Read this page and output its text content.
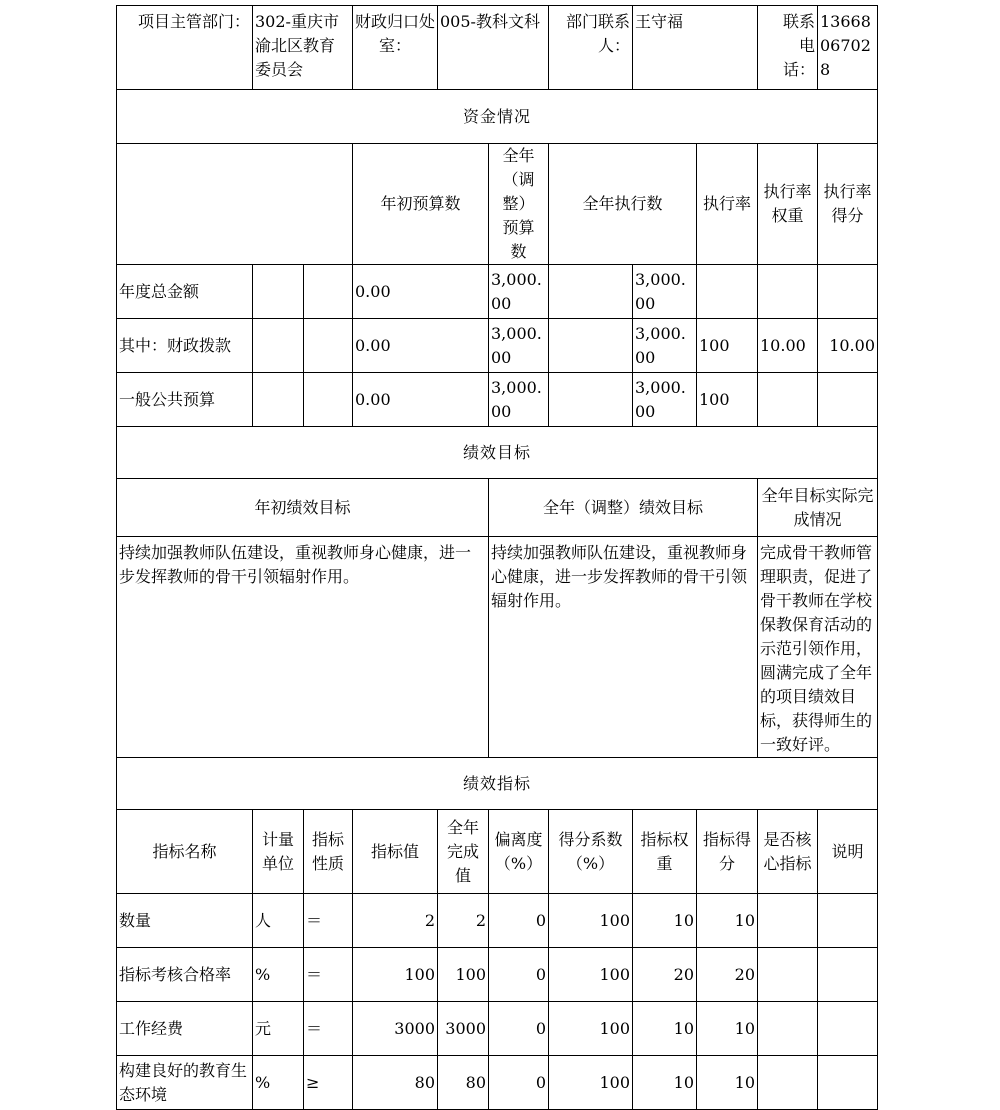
项目主管部门：	302-重庆市渝北区教育委员会		财政归口处室：	005-教科文科		部门联系人：	王守福		联系
电
话：	13668067028
资金情况										
			年初预算数		全年（调整）预算数	全年执行数		执行率	执行率权重	执行率得分
年度总金额			0.00		3,000.00		3,000.00			
其中：财政拨款			0.00		3,000.00		3,000.00	100	10.00	10.00
一般公共预算			0.00		3,000.00		3,000.00	100		
绩效目标										
年初绩效目标					全年（调整）绩效目标				全年目标实际完成情况	
持续加强教师队伍建设，重视教师身心健康，进一步发挥教师的骨干引领辐射作用。					持续加强教师队伍建设，重视教师身心健康，进一步发挥教师的骨干引领辐射作用。				完成骨干教师管理职责，促进了骨干教师在学校保教保育活动的示范引领作用，圆满完成了全年的项目绩效目标，获得师生的一致好评。	
绩效指标										
指标名称	计量单位	指标性质	指标值	全年完成值	偏离度（%）	得分系数（%）	指标权重	指标得分	是否核心指标	说明
数量	人	＝	2	2	0	100	10	10		
指标考核合格率	%	＝	100	100	0	100	20	20		
工作经费	元	＝	3000	3000	0	100	10	10		
构建良好的教育生态环境	%	≥	80	80	0	100	10	10		
